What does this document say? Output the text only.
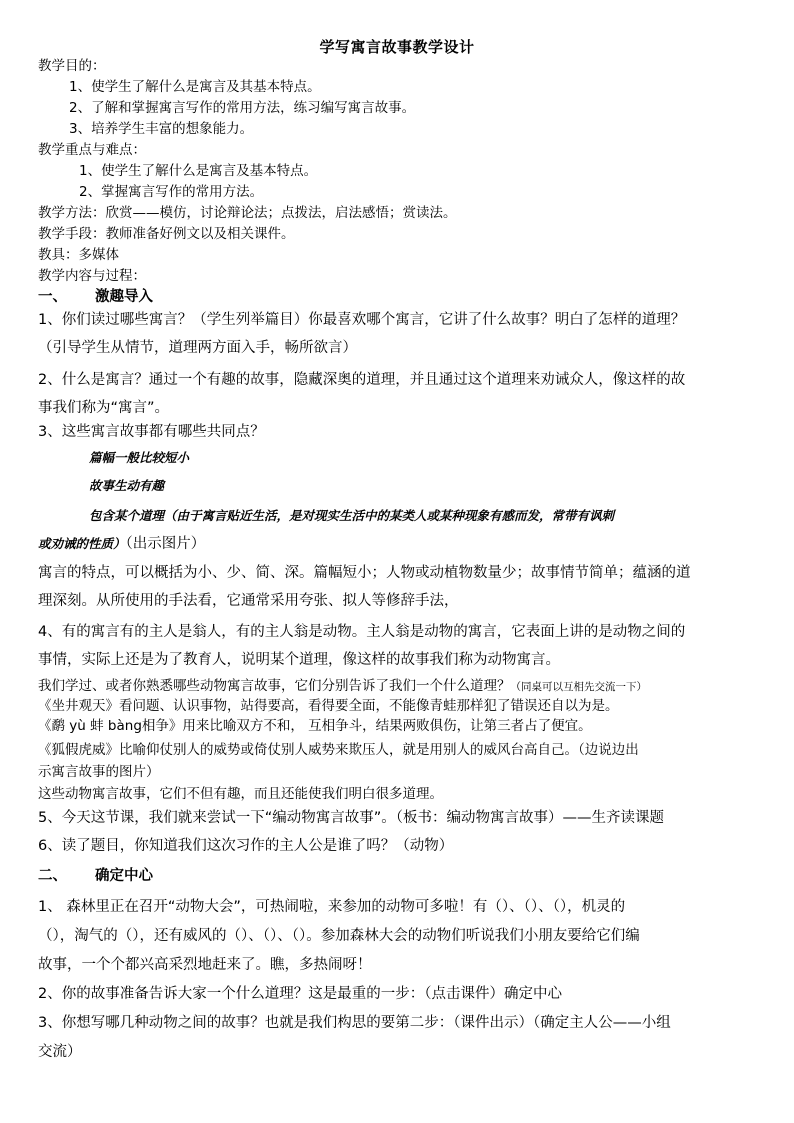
学写寓言故事教学设计
教学目的：
1、使学生了解什么是寓言及其基本特点。
2、了解和掌握寓言写作的常用方法，练习编写寓言故事。
3、培养学生丰富的想象能力。
教学重点与难点：
1、使学生了解什么是寓言及基本特点。
2、掌握寓言写作的常用方法。
教学方法：欣赏——模仿，讨论辩论法；点拨法，启法感悟；赏读法。
教学手段：教师准备好例文以及相关课件。
教具：多媒体
教学内容与过程：
一、 激趣导入
1、你们读过哪些寓言？（学生列举篇目）你最喜欢哪个寓言，它讲了什么故事？明白了怎样的道理？
（引导学生从情节，道理两方面入手，畅所欲言）
2、什么是寓言？通过一个有趣的故事，隐藏深奥的道理，并且通过这个道理来劝诫众人，像这样的故
事我们称为“寓言”。
3、这些寓言故事都有哪些共同点？
篇幅一般比较短小
故事生动有趣
包含某个道理（由于寓言贴近生活，是对现实生活中的某类人或某种现象有感而发，常带有讽刺
或劝诫的性质）（出示图片）
寓言的特点，可以概括为小、少、简、深。篇幅短小；人物或动植物数量少；故事情节简单；蕴涵的道
理深刻。从所使用的手法看，它通常采用夸张、拟人等修辞手法，
4、有的寓言有的主人是翁人，有的主人翁是动物。主人翁是动物的寓言，它表面上讲的是动物之间的
事情，实际上还是为了教育人，说明某个道理，像这样的故事我们称为动物寓言。
我们学过、或者你熟悉哪些动物寓言故事，它们分别告诉了我们一个什么道理？（同桌可以互相先交流一下）
《坐井观天》看问题、认识事物，站得要高，看得要全面，不能像青蛙那样犯了错误还自以为是。
《鹬 yù 蚌 bàng相争》用来比喻双方不和， 互相争斗，结果两败俱伤，让第三者占了便宜。
《狐假虎威》比喻仰仗别人的威势或倚仗别人威势来欺压人，就是用别人的威风台高自己。（边说边出
示寓言故事的图片）
这些动物寓言故事，它们不但有趣，而且还能使我们明白很多道理。
5、今天这节课，我们就来尝试一下“编动物寓言故事”。（板书：编动物寓言故事）——生齐读课题
6、读了题目，你知道我们这次习作的主人公是谁了吗？（动物）
二、 确定中心
1、 森林里正在召开“动物大会”，可热闹啦，来参加的动物可多啦！有（）、（）、（），机灵的
（），淘气的（），还有威风的（）、（）、（）。参加森林大会的动物们听说我们小朋友要给它们编
故事，一个个都兴高采烈地赶来了。瞧，多热闹呀！
2、你的故事准备告诉大家一个什么道理？这是最重的一步：（点击课件）确定中心
3、你想写哪几种动物之间的故事？也就是我们构思的要第二步：（课件出示）（确定主人公——小组
交流）
